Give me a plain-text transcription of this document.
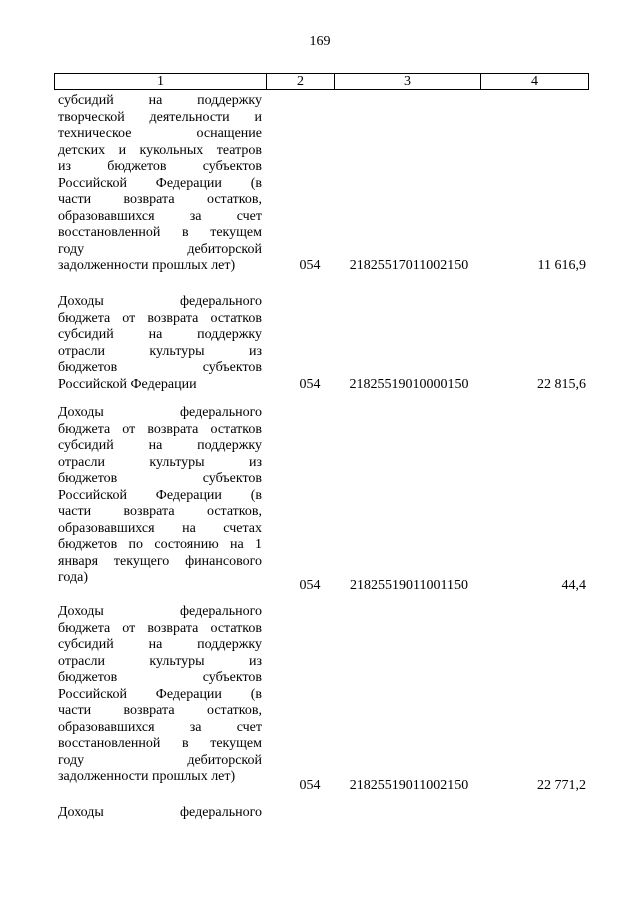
169
1	2	3	4
субсидий на поддержку
творческой деятельности и
техническое оснащение
детских и кукольных театров
из бюджетов субъектов
Российской Федерации (в
части возврата остатков,
образовавшихся за счет
восстановленной в текущем
году дебиторской
задолженности прошлых лет)	054	21825517011002150	11 616,9
Доходы федерального
бюджета от возврата остатков
субсидий на поддержку
отрасли культуры из
бюджетов субъектов
Российской Федерации	054	21825519010000150	22 815,6
Доходы федерального
бюджета от возврата остатков
субсидий на поддержку
отрасли культуры из
бюджетов субъектов
Российской Федерации (в
части возврата остатков,
образовавшихся на счетах
бюджетов по состоянию на 1
января текущего финансового
года)
054	21825519011001150	44,4
Доходы федерального
бюджета от возврата остатков
субсидий на поддержку
отрасли культуры из
бюджетов субъектов
Российской Федерации (в
части возврата остатков,
образовавшихся за счет
восстановленной в текущем
году дебиторской
задолженности прошлых лет)
054	21825519011002150	22 771,2
Доходы федерального
